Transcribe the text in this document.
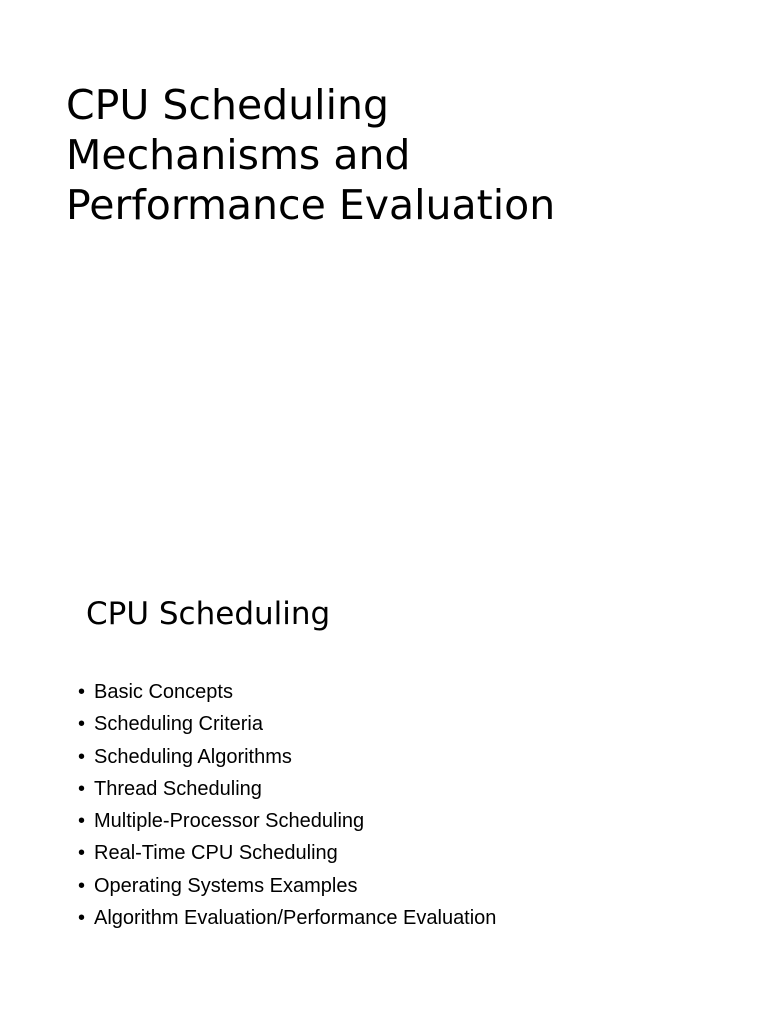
CPU Scheduling
Mechanisms and
Performance Evaluation
CPU Scheduling
• Basic Concepts
• Scheduling Criteria
• Scheduling Algorithms
• Thread Scheduling
• Multiple-Processor Scheduling
• Real-Time CPU Scheduling
• Operating Systems Examples
• Algorithm Evaluation/Performance Evaluation
